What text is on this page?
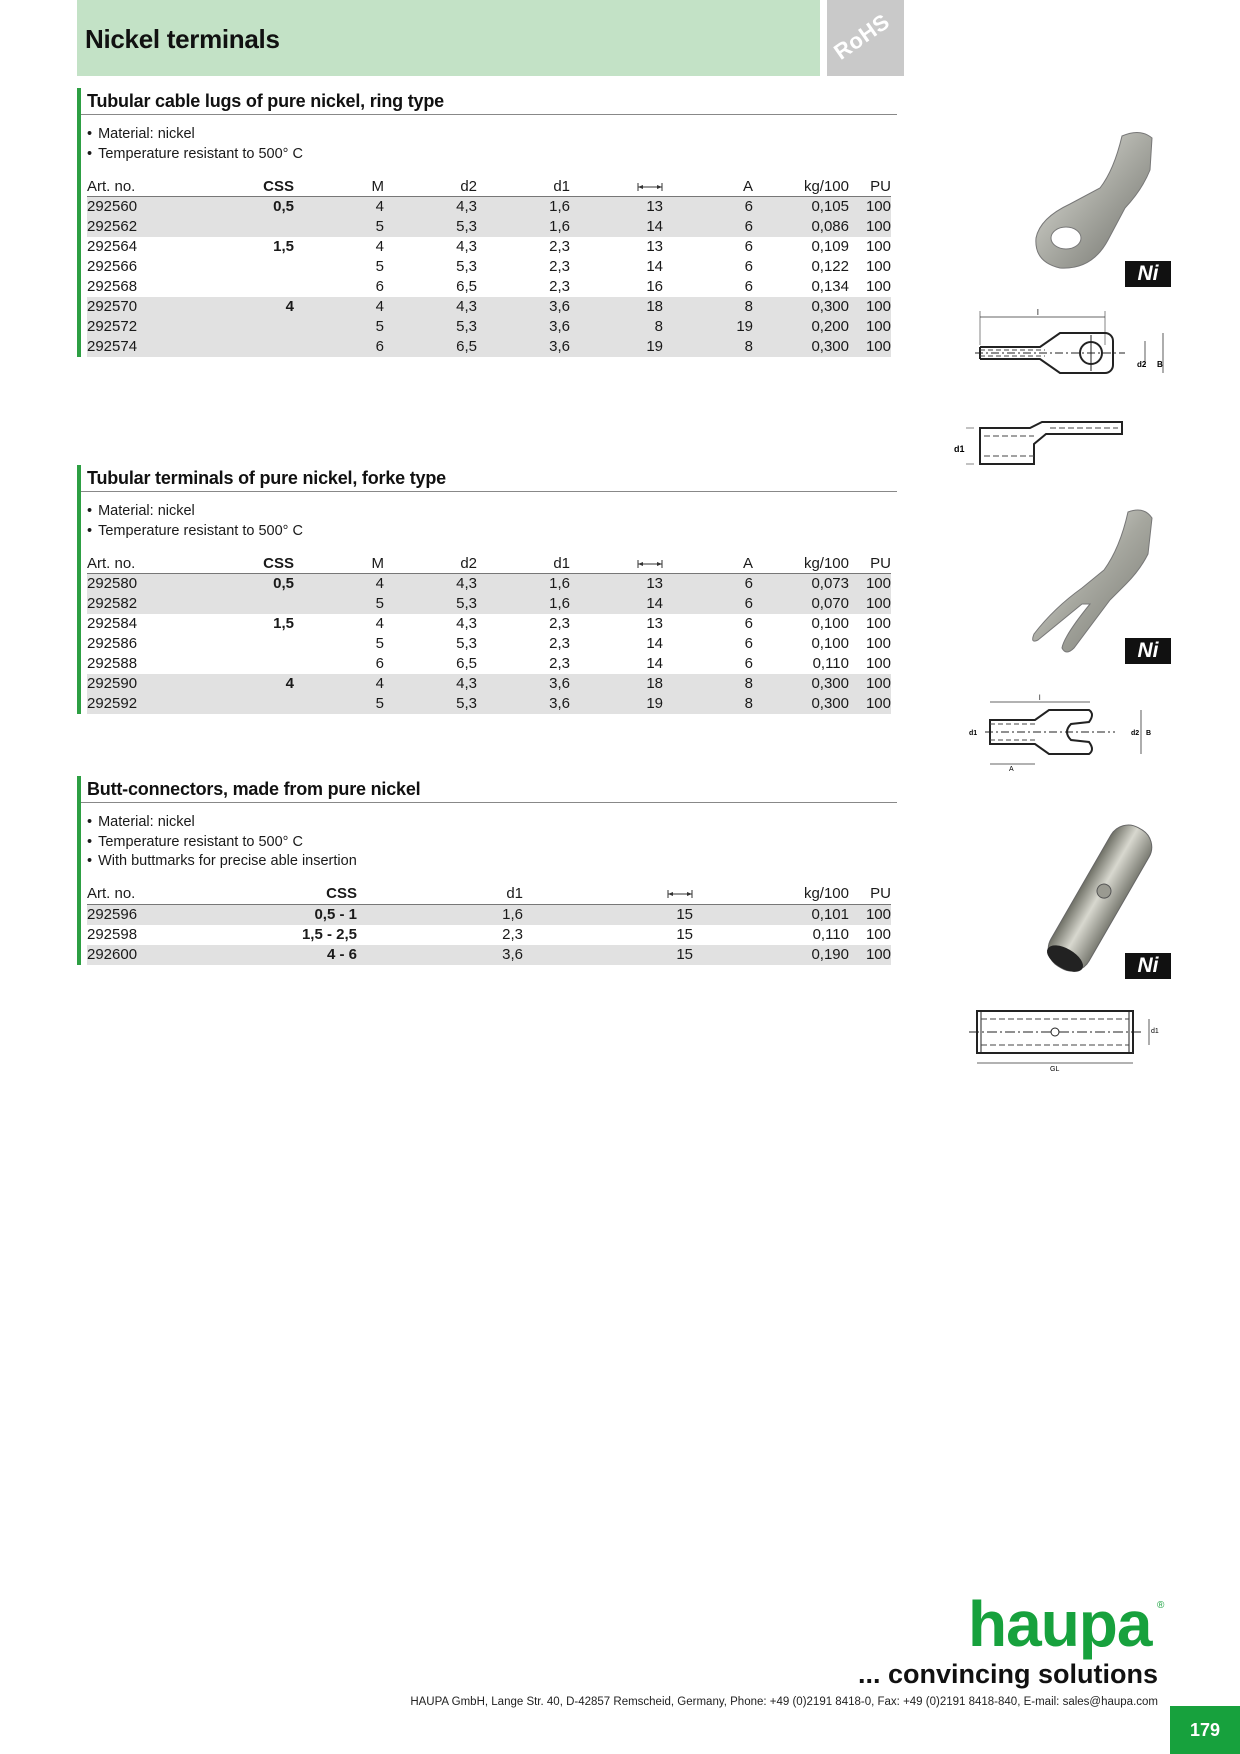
Nickel terminals	RoHS
Tubular cable lugs of pure nickel, ring type
• Material: nickel
• Temperature resistant to 500° C
Art. no.	CSS	M	d2	d1		A	kg/100	PU
292560	0,5	4	4,3	1,6	13	6	0,105	100
292562		5	5,3	1,6	14	6	0,086	100
292564	1,5	4	4,3	2,3	13	6	0,109	100
292566		5	5,3	2,3	14	6	0,122	100
292568		6	6,5	2,3	16	6	0,134	100
292570	4	4	4,3	3,6	18	8	0,300	100
292572		5	5,3	3,6	8	19	0,200	100
292574		6	6,5	3,6	19	8	0,300	100
Tubular terminals of pure nickel, forke type
• Material: nickel
• Temperature resistant to 500° C
Art. no.	CSS	M	d2	d1		A	kg/100	PU
292580	0,5	4	4,3	1,6	13	6	0,073	100
292582		5	5,3	1,6	14	6	0,070	100
292584	1,5	4	4,3	2,3	13	6	0,100	100
292586		5	5,3	2,3	14	6	0,100	100
292588		6	6,5	2,3	14	6	0,110	100
292590	4	4	4,3	3,6	18	8	0,300	100
292592		5	5,3	3,6	19	8	0,300	100
Butt-connectors, made from pure nickel
• Material: nickel
• Temperature resistant to 500° C
• With buttmarks for precise able insertion
Art. no.	CSS	d1		kg/100	PU
292596	0,5 - 1	1,6	15	0,101	100
292598	1,5 - 2,5	2,3	15	0,110	100
292600	4 - 6	3,6	15	0,190	100
Ni
l
d2 B
d1
Ni
l
d1	d2 B
A
Ni
d1
GL
haupa ®
... convincing solutions
HAUPA GmbH, Lange Str. 40, D-42857 Remscheid, Germany, Phone: +49 (0)2191 8418-0, Fax: +49 (0)2191 8418-840, E-mail: sales@haupa.com
179
